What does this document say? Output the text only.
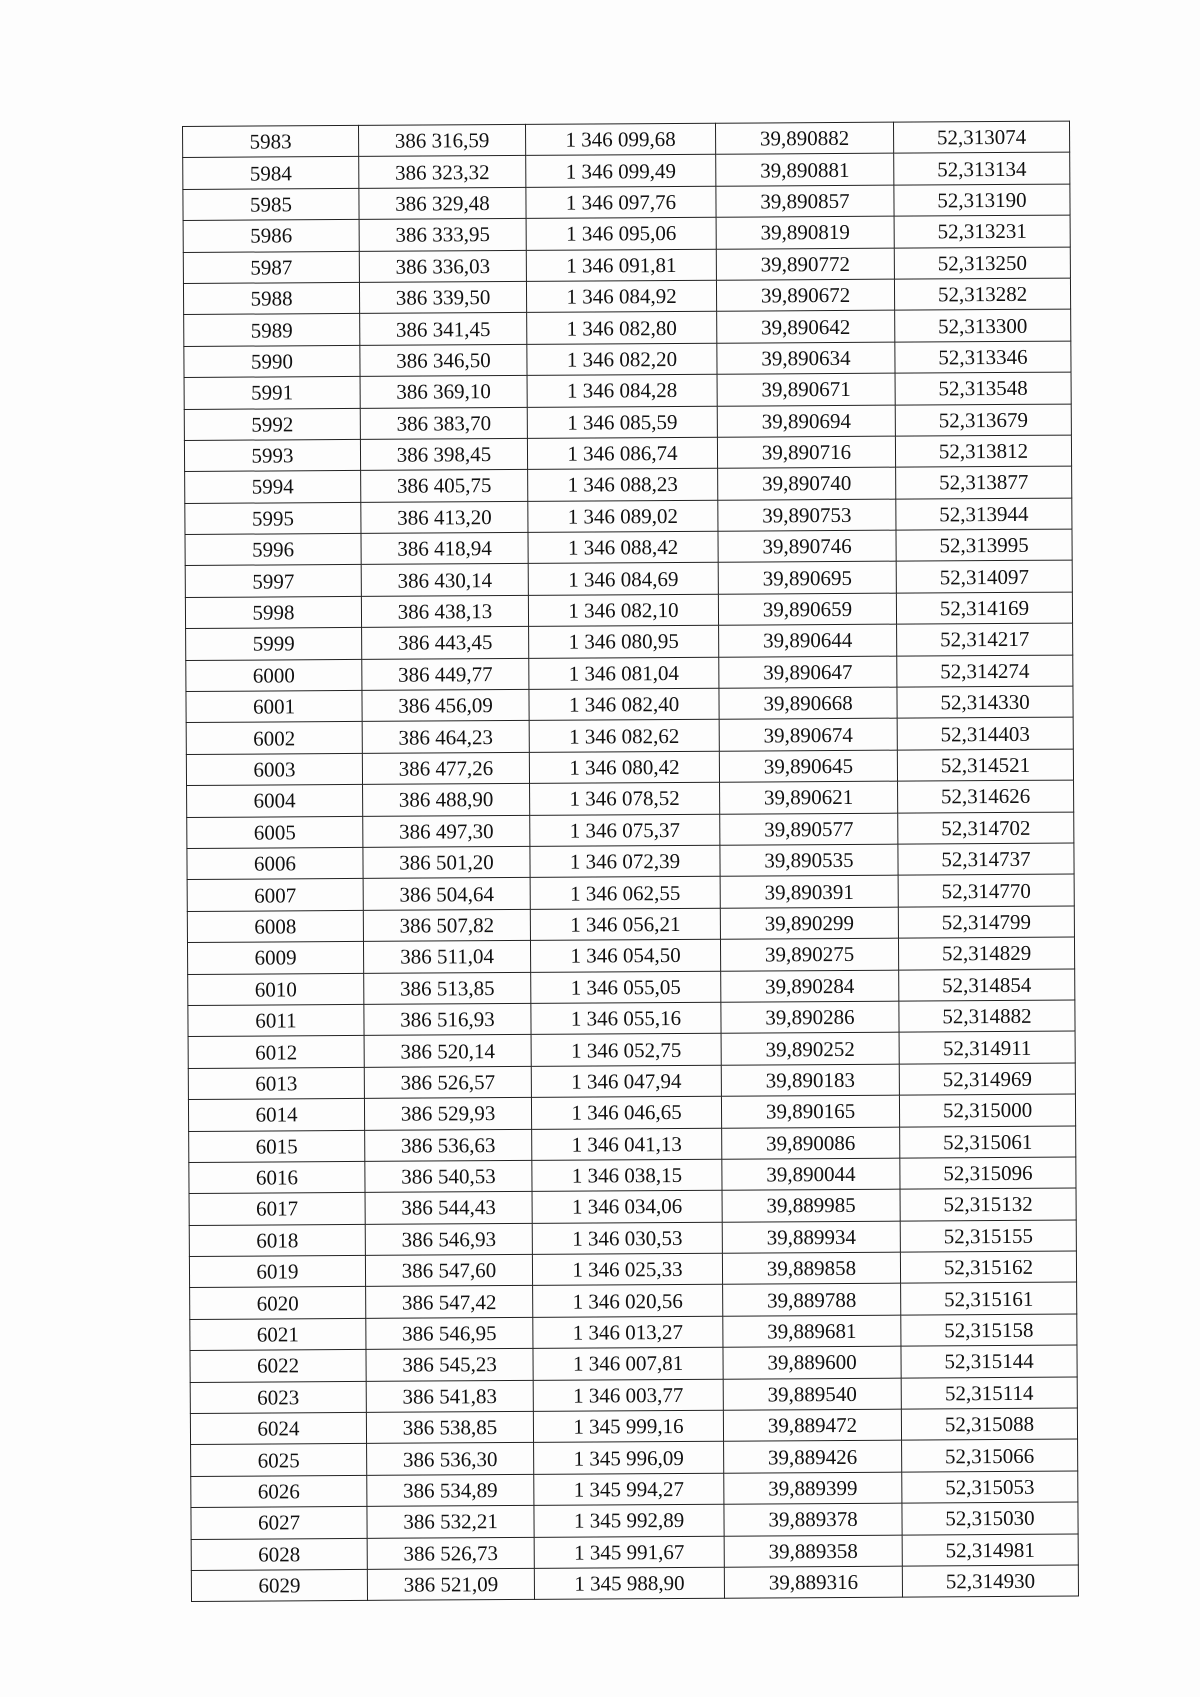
5983	386 316,59	1 346 099,68	39,890882	52,313074
5984	386 323,32	1 346 099,49	39,890881	52,313134
5985	386 329,48	1 346 097,76	39,890857	52,313190
5986	386 333,95	1 346 095,06	39,890819	52,313231
5987	386 336,03	1 346 091,81	39,890772	52,313250
5988	386 339,50	1 346 084,92	39,890672	52,313282
5989	386 341,45	1 346 082,80	39,890642	52,313300
5990	386 346,50	1 346 082,20	39,890634	52,313346
5991	386 369,10	1 346 084,28	39,890671	52,313548
5992	386 383,70	1 346 085,59	39,890694	52,313679
5993	386 398,45	1 346 086,74	39,890716	52,313812
5994	386 405,75	1 346 088,23	39,890740	52,313877
5995	386 413,20	1 346 089,02	39,890753	52,313944
5996	386 418,94	1 346 088,42	39,890746	52,313995
5997	386 430,14	1 346 084,69	39,890695	52,314097
5998	386 438,13	1 346 082,10	39,890659	52,314169
5999	386 443,45	1 346 080,95	39,890644	52,314217
6000	386 449,77	1 346 081,04	39,890647	52,314274
6001	386 456,09	1 346 082,40	39,890668	52,314330
6002	386 464,23	1 346 082,62	39,890674	52,314403
6003	386 477,26	1 346 080,42	39,890645	52,314521
6004	386 488,90	1 346 078,52	39,890621	52,314626
6005	386 497,30	1 346 075,37	39,890577	52,314702
6006	386 501,20	1 346 072,39	39,890535	52,314737
6007	386 504,64	1 346 062,55	39,890391	52,314770
6008	386 507,82	1 346 056,21	39,890299	52,314799
6009	386 511,04	1 346 054,50	39,890275	52,314829
6010	386 513,85	1 346 055,05	39,890284	52,314854
6011	386 516,93	1 346 055,16	39,890286	52,314882
6012	386 520,14	1 346 052,75	39,890252	52,314911
6013	386 526,57	1 346 047,94	39,890183	52,314969
6014	386 529,93	1 346 046,65	39,890165	52,315000
6015	386 536,63	1 346 041,13	39,890086	52,315061
6016	386 540,53	1 346 038,15	39,890044	52,315096
6017	386 544,43	1 346 034,06	39,889985	52,315132
6018	386 546,93	1 346 030,53	39,889934	52,315155
6019	386 547,60	1 346 025,33	39,889858	52,315162
6020	386 547,42	1 346 020,56	39,889788	52,315161
6021	386 546,95	1 346 013,27	39,889681	52,315158
6022	386 545,23	1 346 007,81	39,889600	52,315144
6023	386 541,83	1 346 003,77	39,889540	52,315114
6024	386 538,85	1 345 999,16	39,889472	52,315088
6025	386 536,30	1 345 996,09	39,889426	52,315066
6026	386 534,89	1 345 994,27	39,889399	52,315053
6027	386 532,21	1 345 992,89	39,889378	52,315030
6028	386 526,73	1 345 991,67	39,889358	52,314981
6029	386 521,09	1 345 988,90	39,889316	52,314930
